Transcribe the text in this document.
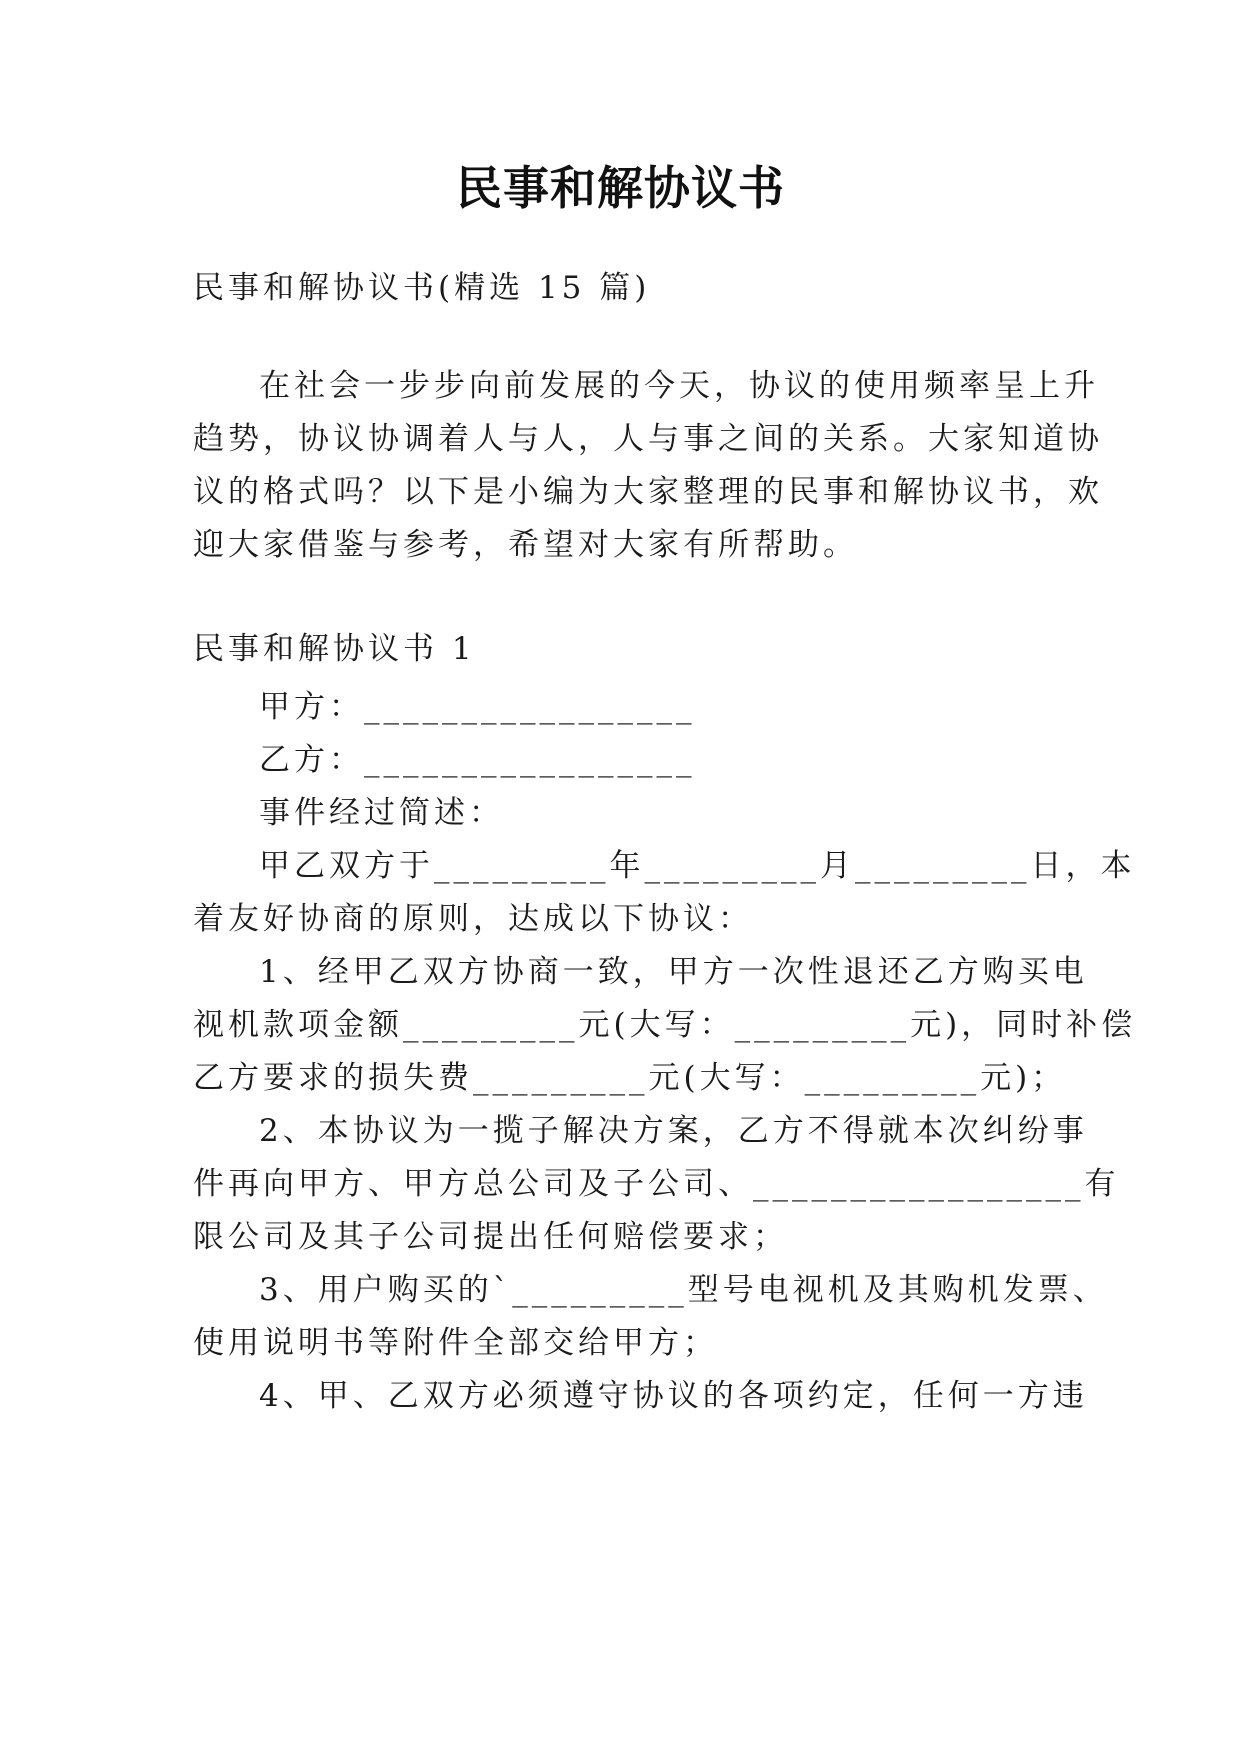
民事和解协议书
民事和解协议书(精选 15 篇)
在社会一步步向前发展的今天，协议的使用频率呈上升
趋势，协议协调着人与人，人与事之间的关系。大家知道协
议的格式吗？以下是小编为大家整理的民事和解协议书，欢
迎大家借鉴与参考，希望对大家有所帮助。
民事和解协议书 1
甲方：_________________
乙方：_________________
事件经过简述：
甲乙双方于_________年_________月_________日，本
着友好协商的原则，达成以下协议：
1、经甲乙双方协商一致，甲方一次性退还乙方购买电
视机款项金额_________元(大写：_________元)，同时补偿
乙方要求的损失费_________元(大写：_________元)；
2、本协议为一揽子解决方案，乙方不得就本次纠纷事
件再向甲方、甲方总公司及子公司、_________________有
限公司及其子公司提出任何赔偿要求；
3、用户购买的`_________型号电视机及其购机发票、
使用说明书等附件全部交给甲方；
4、甲、乙双方必须遵守协议的各项约定，任何一方违
